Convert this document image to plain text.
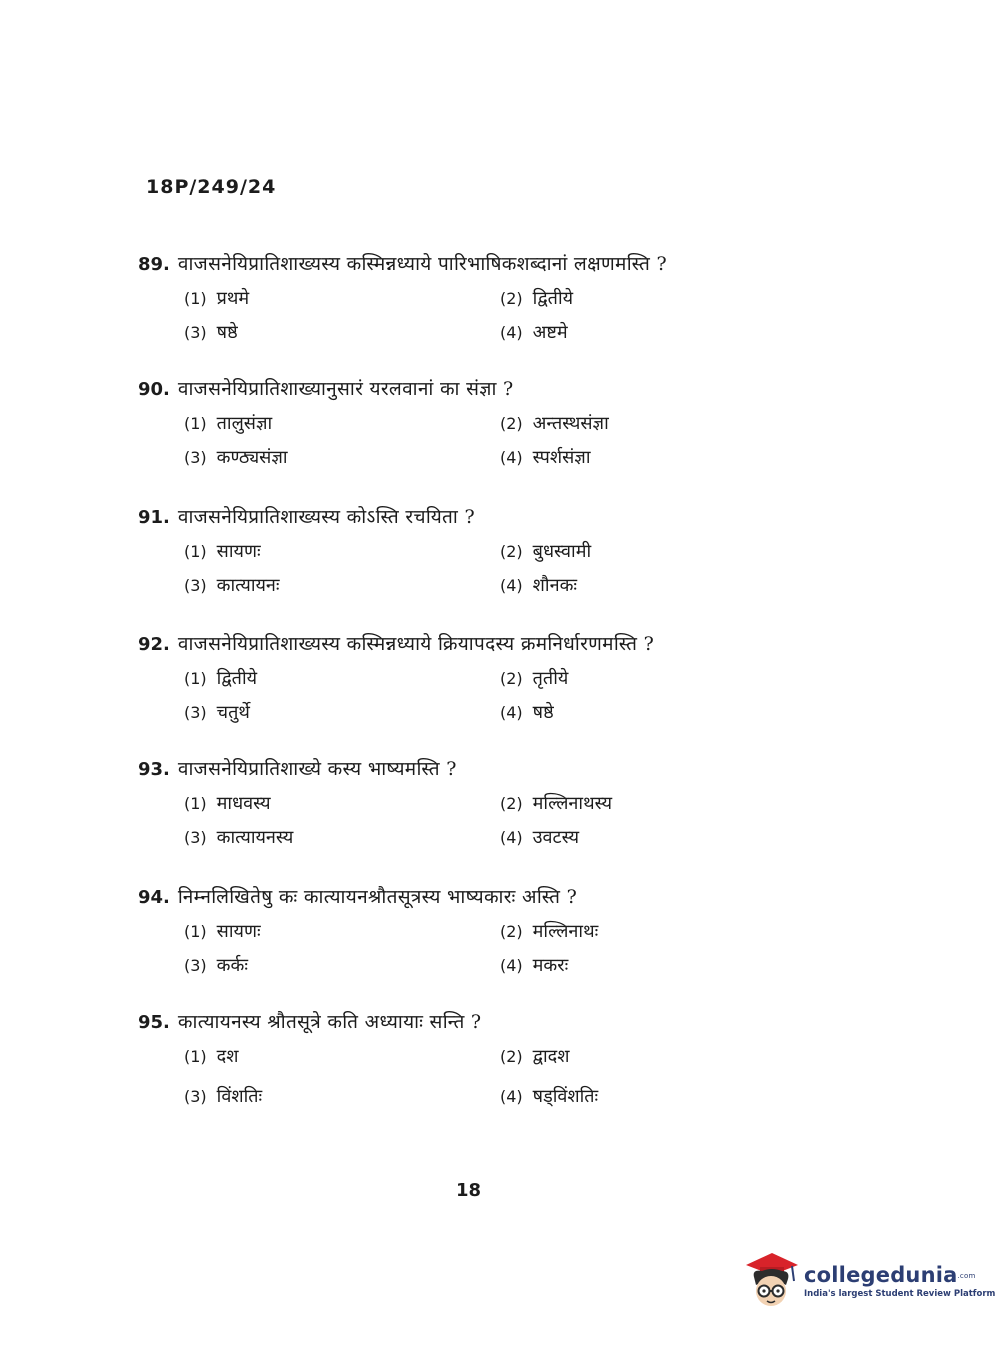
18P/249/24
89. वाजसनेयिप्रातिशाख्यस्य कस्मिन्नध्याये पारिभाषिकशब्दानां लक्षणमस्ति ?
(1) प्रथमे	(2) द्वितीये
(3) षष्ठे	(4) अष्टमे
90. वाजसनेयिप्रातिशाख्यानुसारं यरलवानां का संज्ञा ?
(1) तालुसंज्ञा	(2) अन्तस्थसंज्ञा
(3) कण्ठ्यसंज्ञा	(4) स्पर्शसंज्ञा
91. वाजसनेयिप्रातिशाख्यस्य कोऽस्ति रचयिता ?
(1) सायणः	(2) बुधस्वामी
(3) कात्यायनः	(4) शौनकः
92. वाजसनेयिप्रातिशाख्यस्य कस्मिन्नध्याये क्रियापदस्य क्रमनिर्धारणमस्ति ?
(1) द्वितीये	(2) तृतीये
(3) चतुर्थे	(4) षष्ठे
93. वाजसनेयिप्रातिशाख्ये कस्य भाष्यमस्ति ?
(1) माधवस्य	(2) मल्लिनाथस्य
(3) कात्यायनस्य	(4) उवटस्य
94. निम्नलिखितेषु कः कात्यायनश्रौतसूत्रस्य भाष्यकारः अस्ति ?
(1) सायणः	(2) मल्लिनाथः
(3) कर्कः	(4) मकरः
95. कात्यायनस्य श्रौतसूत्रे कति अध्यायाः सन्ति ?
(1) दश	(2) द्वादश
(3) विंशतिः	(4) षड्विंशतिः
18
collegedunia.com
India's largest Student Review Platform
